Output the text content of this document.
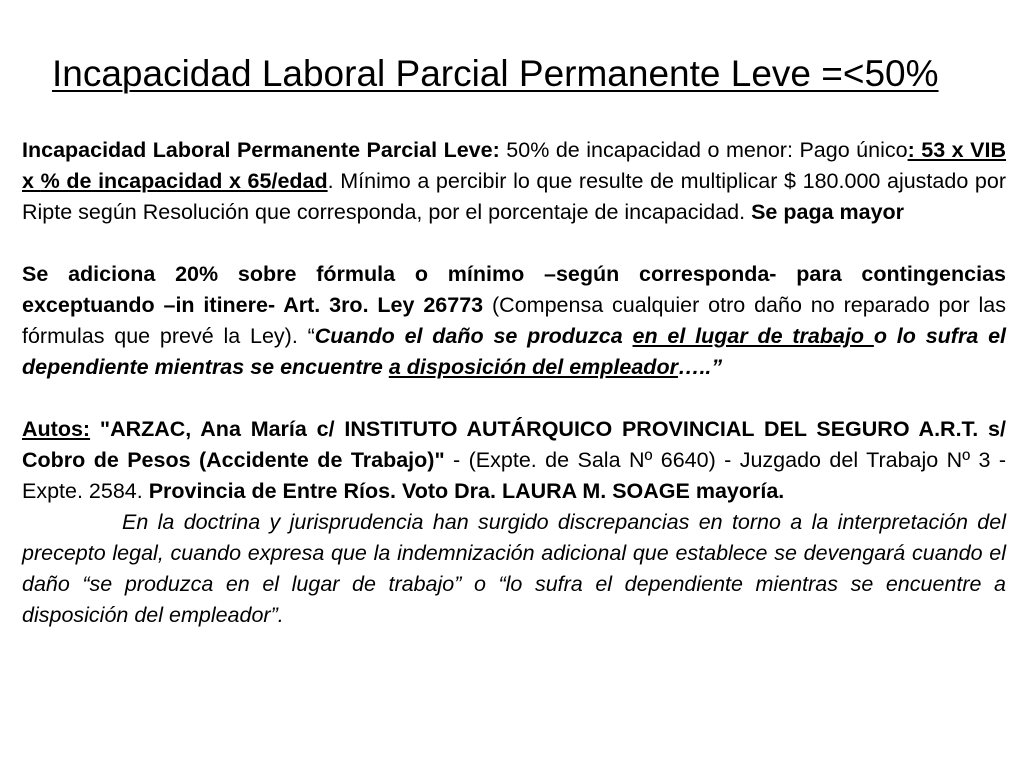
Incapacidad Laboral Parcial Permanente Leve =<50%

Incapacidad Laboral Permanente Parcial Leve: 50% de incapacidad o menor: Pago único: 53 x VIB x % de incapacidad x 65/edad. Mínimo a percibir lo que resulte de multiplicar $ 180.000 ajustado por Ripte según Resolución que corresponda, por el porcentaje de incapacidad. Se paga mayor

Se adiciona 20% sobre fórmula o mínimo –según corresponda- para contingencias exceptuando –in itinere- Art. 3ro. Ley 26773 (Compensa cualquier otro daño no reparado por las fórmulas que prevé la Ley). “Cuando el daño se produzca en el lugar de trabajo o lo sufra el dependiente mientras se encuentre a disposición del empleador…..”

Autos: "ARZAC, Ana María c/ INSTITUTO AUTÁRQUICO PROVINCIAL DEL SEGURO A.R.T. s/ Cobro de Pesos (Accidente de Trabajo)" - (Expte. de Sala Nº 6640) - Juzgado del Trabajo Nº 3 - Expte. 2584. Provincia de Entre Ríos. Voto Dra. LAURA M. SOAGE mayoría.

En la doctrina y jurisprudencia han surgido discrepancias en torno a la interpretación del precepto legal, cuando expresa que la indemnización adicional que establece se devengará cuando el daño “se produzca en el lugar de trabajo” o “lo sufra el dependiente mientras se encuentre a disposición del empleador”.
